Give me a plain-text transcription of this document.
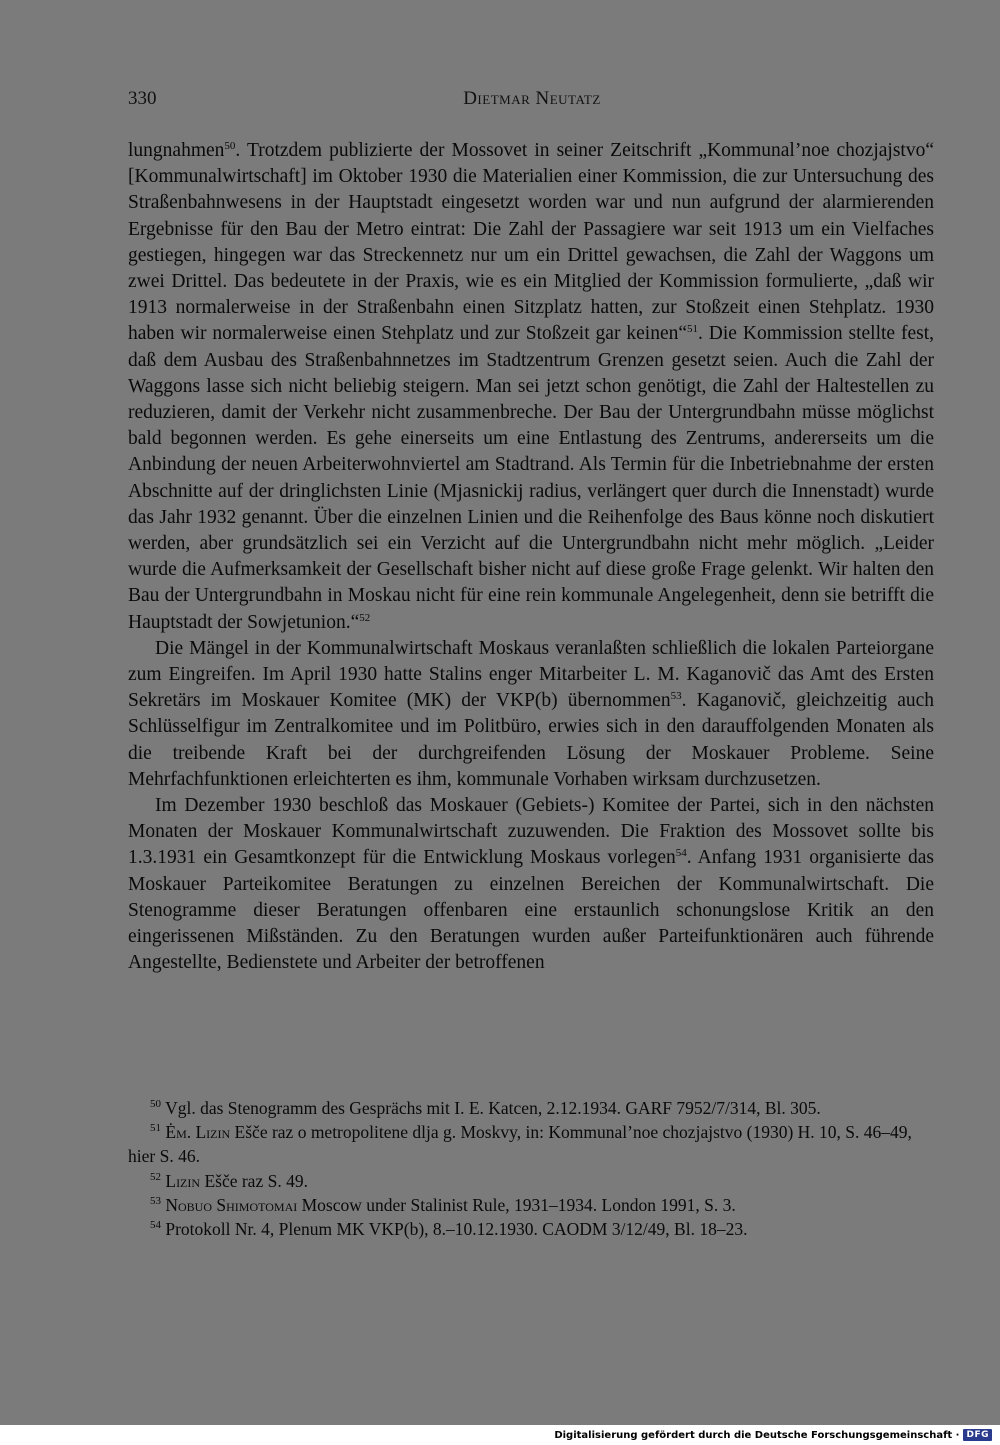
330	Dietmar Neutatz

lungnahmen$^{50}$. Trotzdem publizierte der Mossovet in seiner Zeitschrift „Kommunal’noe chozjajstvo“ [Kommunalwirtschaft] im Oktober 1930 die Materialien einer Kommission, die zur Untersuchung des Straßenbahnwesens in der Hauptstadt eingesetzt worden war und nun aufgrund der alarmierenden Ergebnisse für den Bau der Metro eintrat: Die Zahl der Passagiere war seit 1913 um ein Vielfaches gestiegen, hingegen war das Streckennetz nur um ein Drittel gewachsen, die Zahl der Waggons um zwei Drittel. Das bedeutete in der Praxis, wie es ein Mitglied der Kommission formulierte, „daß wir 1913 normalerweise in der Straßenbahn einen Sitzplatz hatten, zur Stoßzeit einen Stehplatz. 1930 haben wir normalerweise einen Stehplatz und zur Stoßzeit gar keinen“$^{51}$. Die Kommission stellte fest, daß dem Ausbau des Straßenbahnnetzes im Stadtzentrum Grenzen gesetzt seien. Auch die Zahl der Waggons lasse sich nicht beliebig steigern. Man sei jetzt schon genötigt, die Zahl der Haltestellen zu reduzieren, damit der Verkehr nicht zusammenbreche. Der Bau der Untergrundbahn müsse möglichst bald begonnen werden. Es gehe einerseits um eine Entlastung des Zentrums, andererseits um die Anbindung der neuen Arbeiterwohnviertel am Stadtrand. Als Termin für die Inbetriebnahme der ersten Abschnitte auf der dringlichsten Linie (Mjasnickij radius, verlängert quer durch die Innenstadt) wurde das Jahr 1932 genannt. Über die einzelnen Linien und die Reihenfolge des Baus könne noch diskutiert werden, aber grundsätzlich sei ein Verzicht auf die Untergrundbahn nicht mehr möglich. „Leider wurde die Aufmerksamkeit der Gesellschaft bisher nicht auf diese große Frage gelenkt. Wir halten den Bau der Untergrundbahn in Moskau nicht für eine rein kommunale Angelegenheit, denn sie betrifft die Hauptstadt der Sowjetunion.“$^{52}$

Die Mängel in der Kommunalwirtschaft Moskaus veranlaßten schließlich die lokalen Parteiorgane zum Eingreifen. Im April 1930 hatte Stalins enger Mitarbeiter L. M. Kaganovič das Amt des Ersten Sekretärs im Moskauer Komitee (MK) der VKP(b) übernommen$^{53}$. Kaganovič, gleichzeitig auch Schlüsselfigur im Zentralkomitee und im Politbüro, erwies sich in den darauffolgenden Monaten als die treibende Kraft bei der durchgreifenden Lösung der Moskauer Probleme. Seine Mehrfachfunktionen erleichterten es ihm, kommunale Vorhaben wirksam durchzusetzen.

Im Dezember 1930 beschloß das Moskauer (Gebiets-) Komitee der Partei, sich in den nächsten Monaten der Moskauer Kommunalwirtschaft zuzuwenden. Die Fraktion des Mossovet sollte bis 1.3.1931 ein Gesamtkonzept für die Entwicklung Moskaus vorlegen$^{54}$. Anfang 1931 organisierte das Moskauer Parteikomitee Beratungen zu einzelnen Bereichen der Kommunalwirtschaft. Die Stenogramme dieser Beratungen offenbaren eine erstaunlich schonungslose Kritik an den eingerissenen Mißständen. Zu den Beratungen wurden außer Parteifunktionären auch führende Angestellte, Bedienstete und Arbeiter der betroffenen

$^{50}$ Vgl. das Stenogramm des Gesprächs mit I. E. Katcen, 2.12.1934. GARF 7952/7/314, Bl. 305.

$^{51}$ Ėm. Lizin Ešče raz o metropolitene dlja g. Moskvy, in: Kommunal’noe chozjajstvo (1930) H. 10, S. 46–49, hier S. 46.

$^{52}$ Lizin Ešče raz S. 49.

$^{53}$ Nobuo Shimotomai Moscow under Stalinist Rule, 1931–1934. London 1991, S. 3.

$^{54}$ Protokoll Nr. 4, Plenum MK VKP(b), 8.–10.12.1930. CAODM 3/12/49, Bl. 18–23.

Digitalisierung gefördert durch die Deutsche Forschungsgemeinschaft · DFG
